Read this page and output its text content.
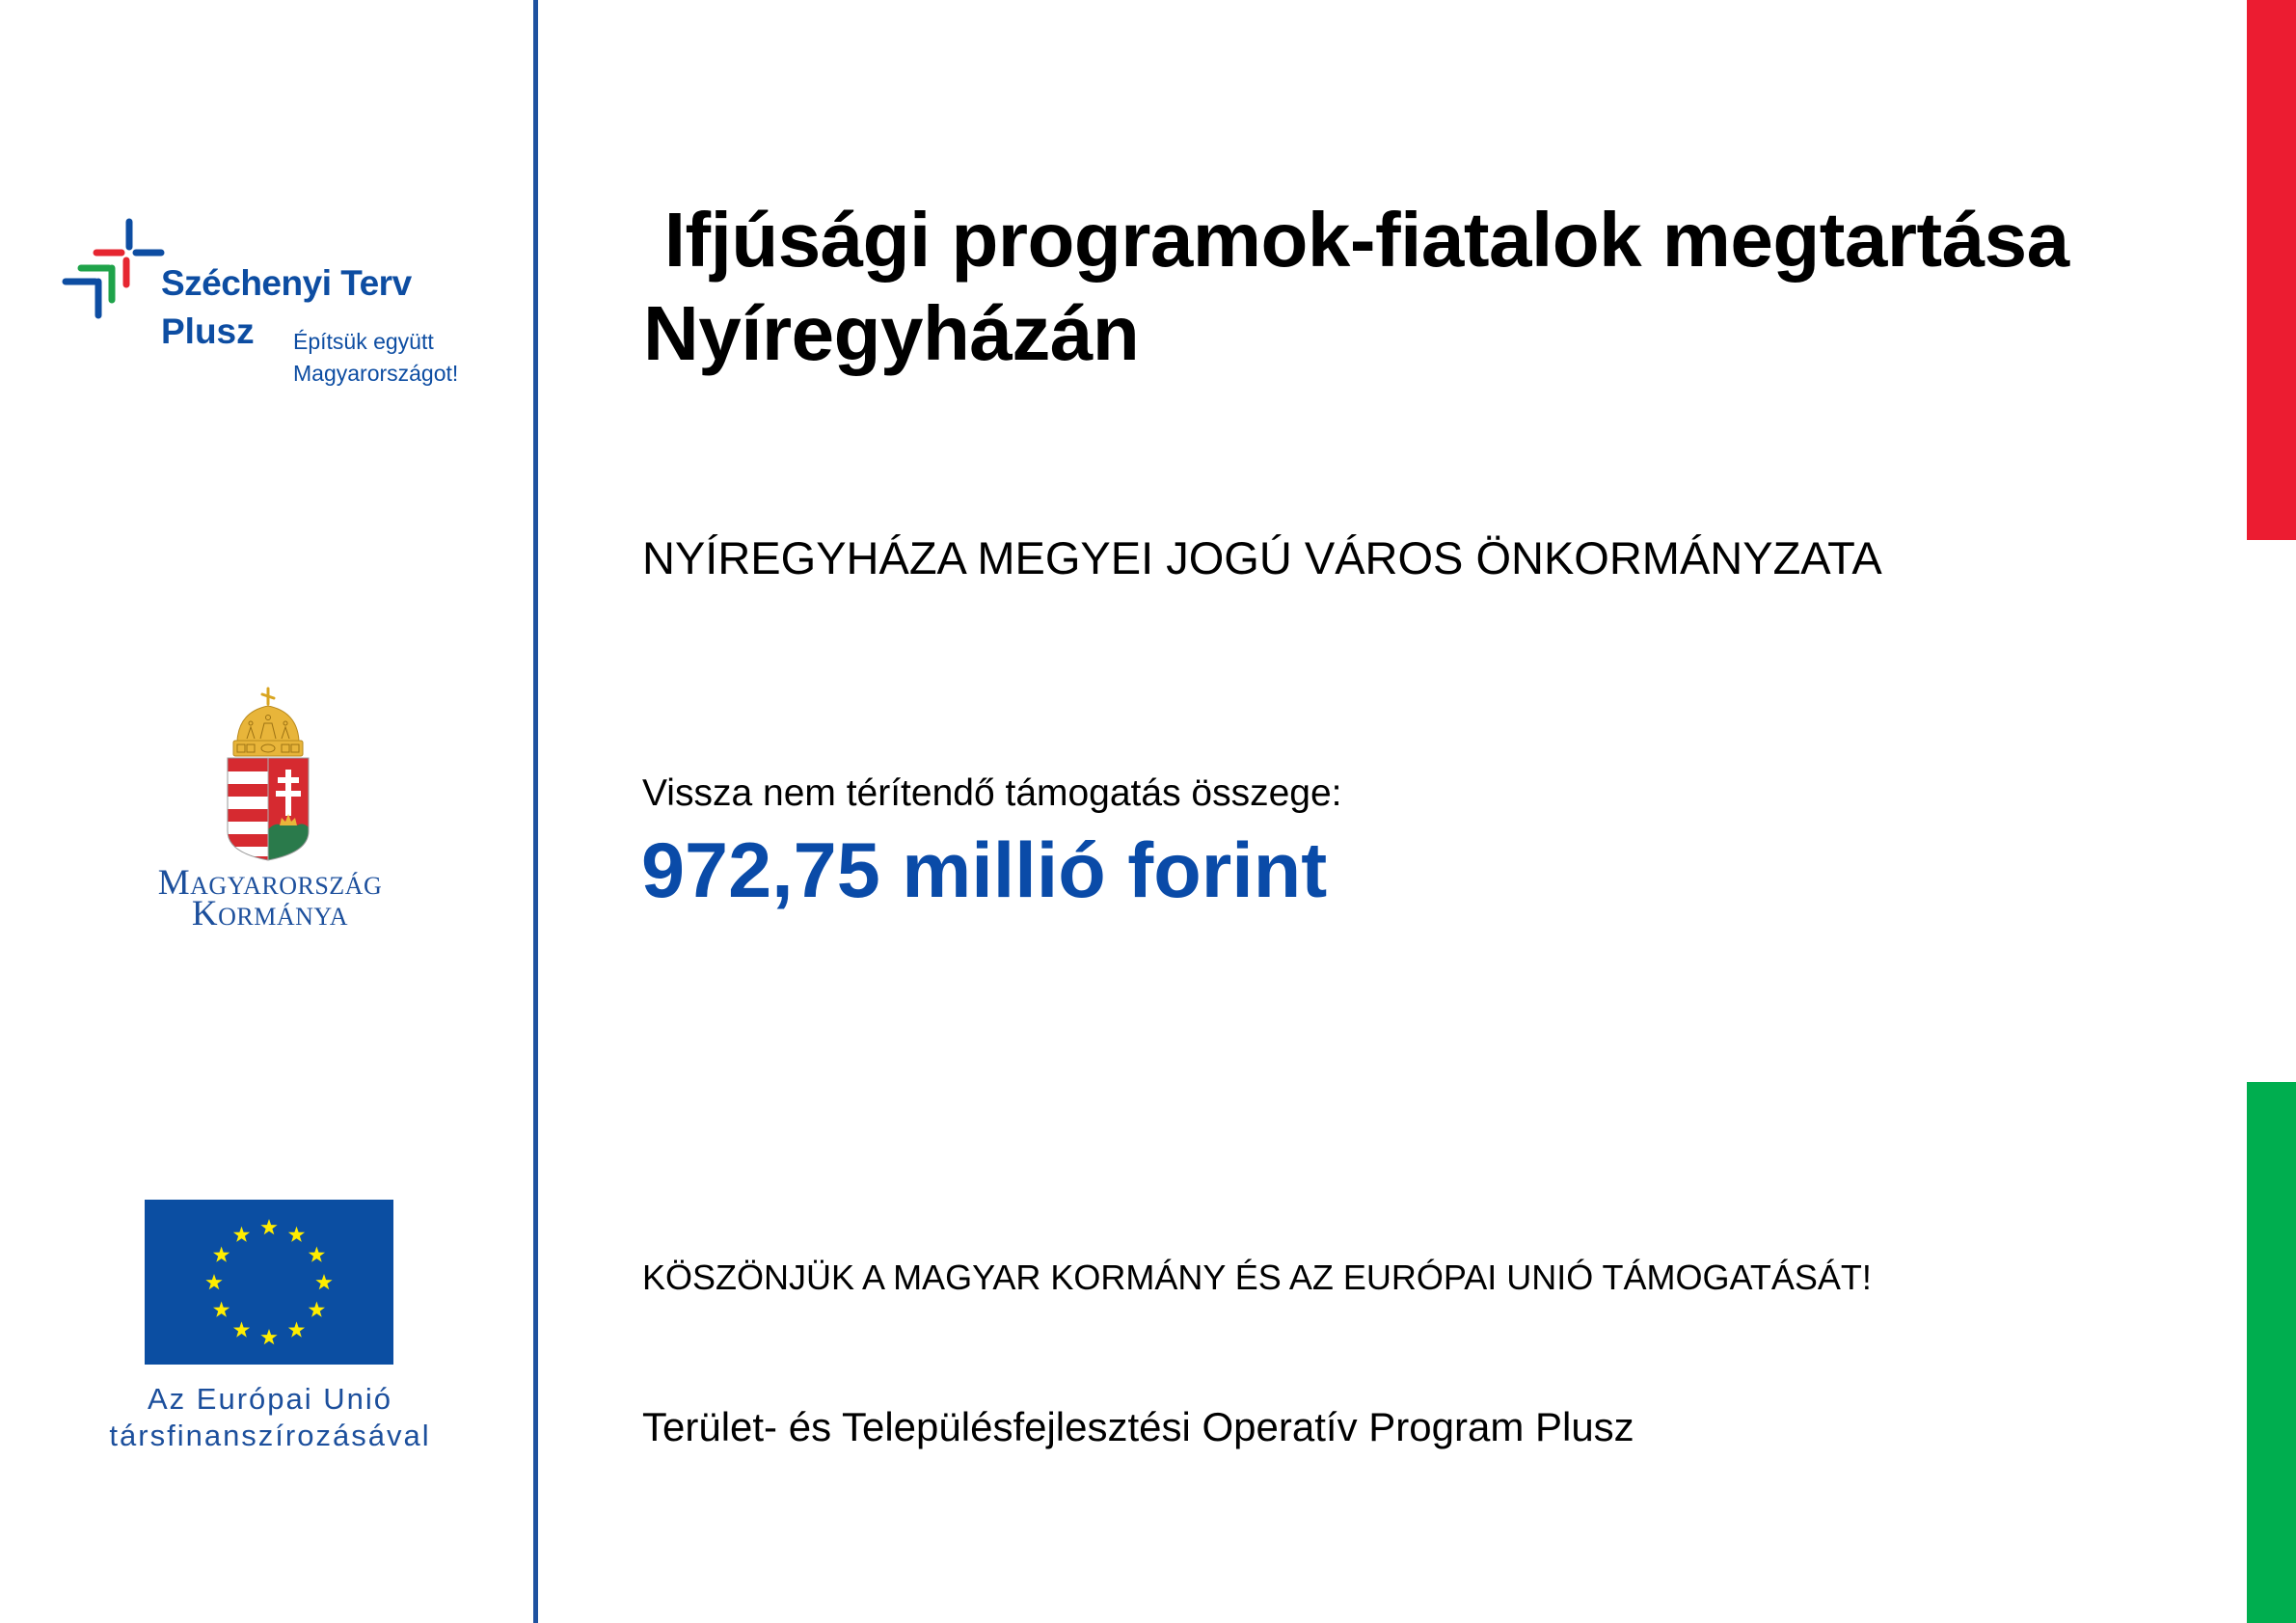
Széchenyi Terv
Plusz Építsük együtt
Magyarországot!
Magyarország
Kormánya
Az Európai Unió
társfinanszírozásával
Ifjúsági programok-fiatalok megtartása
Nyíregyházán
NYÍREGYHÁZA MEGYEI JOGÚ VÁROS ÖNKORMÁNYZATA
Vissza nem térítendő támogatás összege:
972,75 millió forint
KÖSZÖNJÜK A MAGYAR KORMÁNY ÉS AZ EURÓPAI UNIÓ TÁMOGATÁSÁT!
Terület- és Településfejlesztési Operatív Program Plusz
